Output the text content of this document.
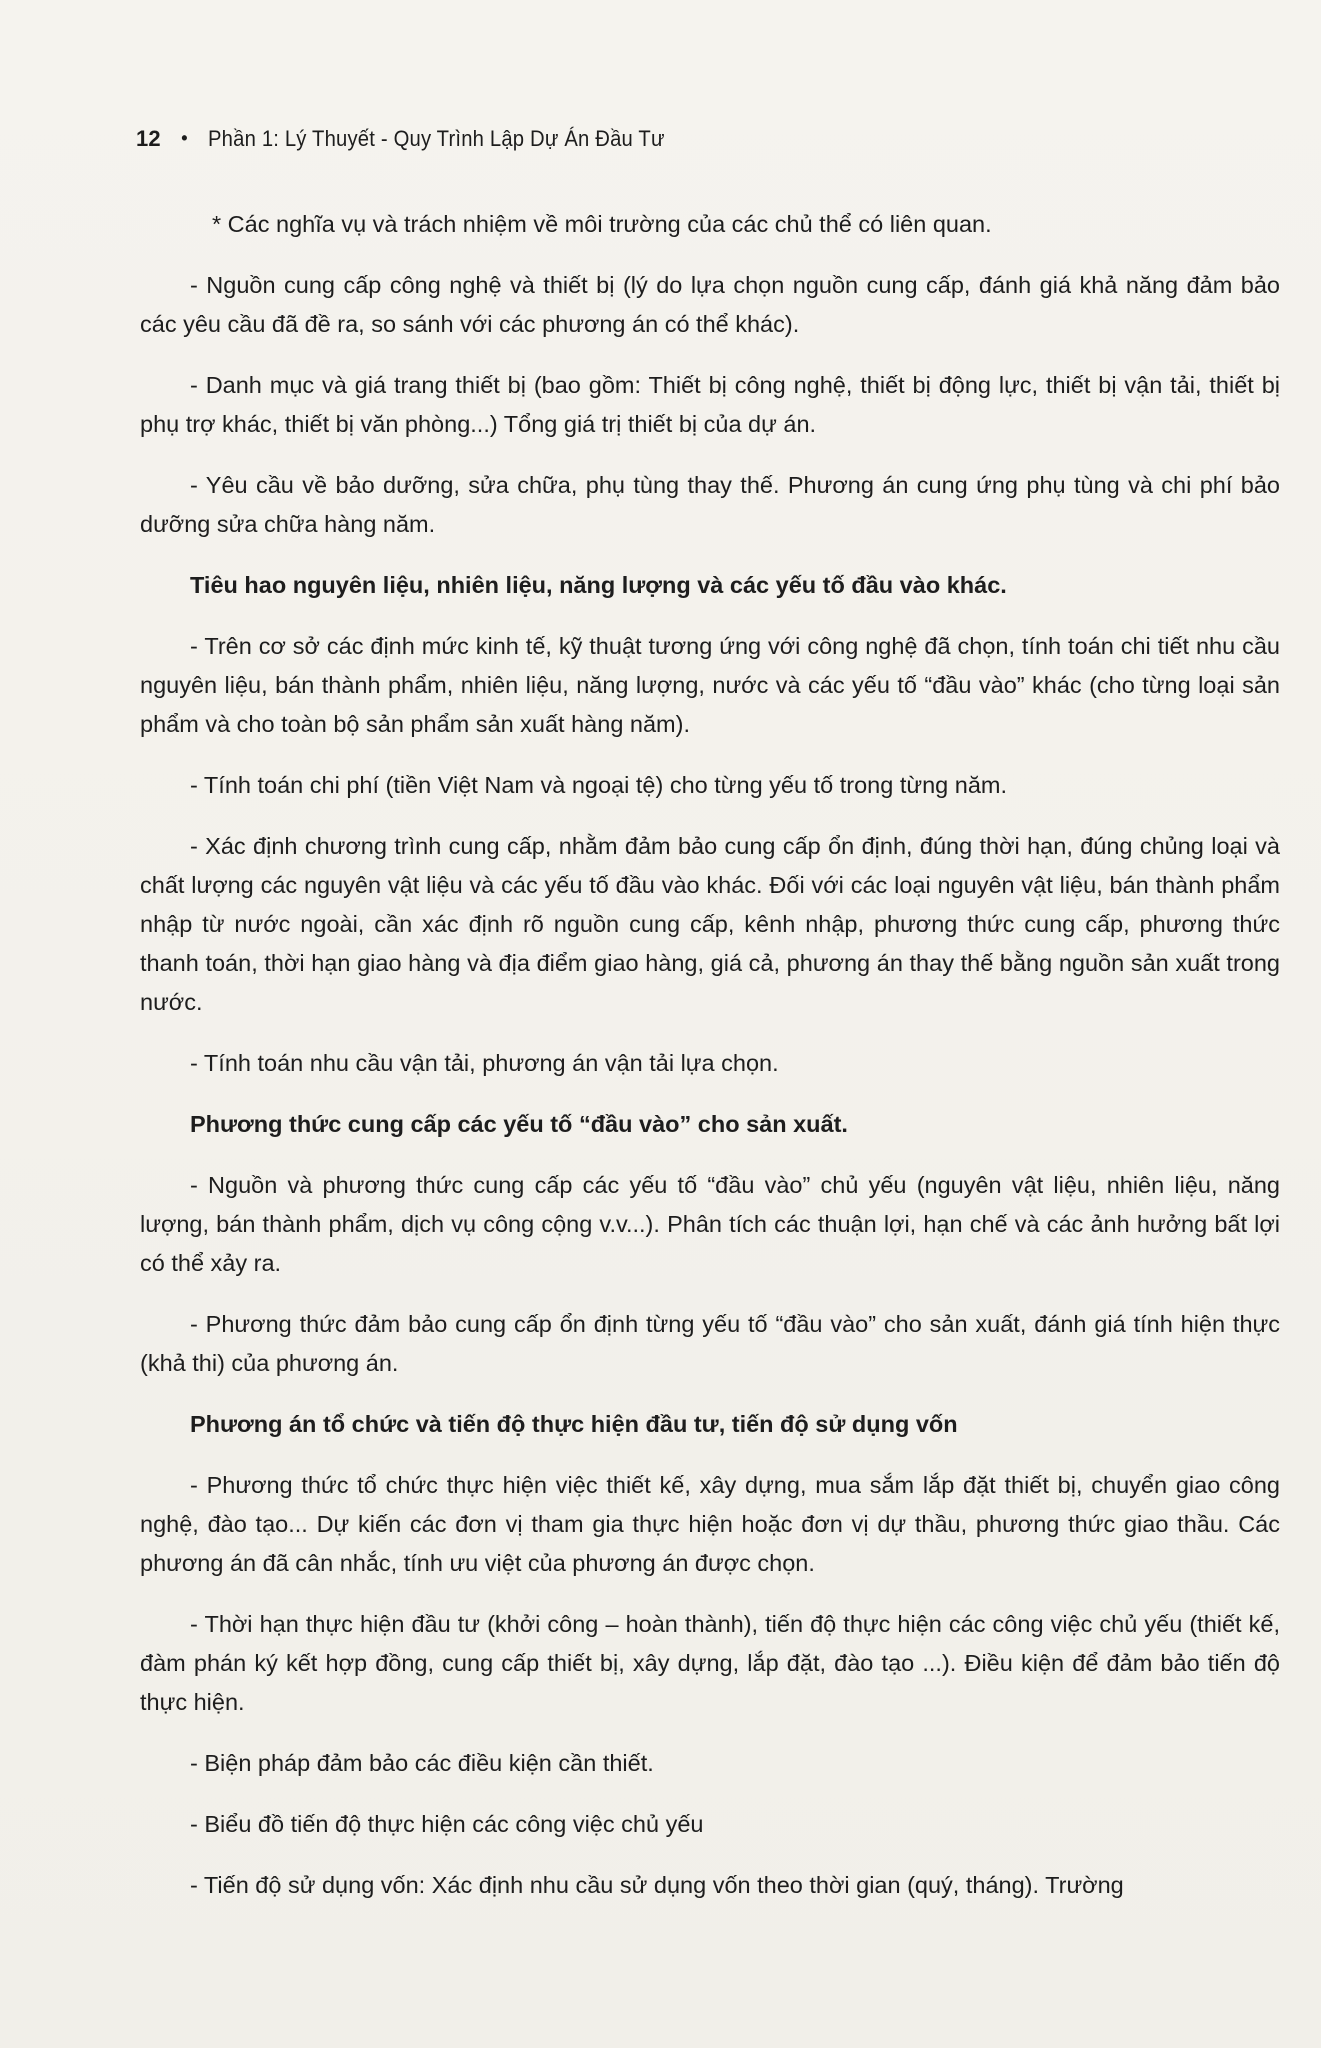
12 • Phần 1: Lý Thuyết - Quy Trình Lập Dự Án Đầu Tư

* Các nghĩa vụ và trách nhiệm về môi trường của các chủ thể có liên quan.

- Nguồn cung cấp công nghệ và thiết bị (lý do lựa chọn nguồn cung cấp, đánh giá khả năng đảm bảo các yêu cầu đã đề ra, so sánh với các phương án có thể khác).

- Danh mục và giá trang thiết bị (bao gồm: Thiết bị công nghệ, thiết bị động lực, thiết bị vận tải, thiết bị phụ trợ khác, thiết bị văn phòng...) Tổng giá trị thiết bị của dự án.

- Yêu cầu về bảo dưỡng, sửa chữa, phụ tùng thay thế. Phương án cung ứng phụ tùng và chi phí bảo dưỡng sửa chữa hàng năm.

Tiêu hao nguyên liệu, nhiên liệu, năng lượng và các yếu tố đầu vào khác.

- Trên cơ sở các định mức kinh tế, kỹ thuật tương ứng với công nghệ đã chọn, tính toán chi tiết nhu cầu nguyên liệu, bán thành phẩm, nhiên liệu, năng lượng, nước và các yếu tố “đầu vào” khác (cho từng loại sản phẩm và cho toàn bộ sản phẩm sản xuất hàng năm).

- Tính toán chi phí (tiền Việt Nam và ngoại tệ) cho từng yếu tố trong từng năm.

- Xác định chương trình cung cấp, nhằm đảm bảo cung cấp ổn định, đúng thời hạn, đúng chủng loại và chất lượng các nguyên vật liệu và các yếu tố đầu vào khác. Đối với các loại nguyên vật liệu, bán thành phẩm nhập từ nước ngoài, cần xác định rõ nguồn cung cấp, kênh nhập, phương thức cung cấp, phương thức thanh toán, thời hạn giao hàng và địa điểm giao hàng, giá cả, phương án thay thế bằng nguồn sản xuất trong nước.

- Tính toán nhu cầu vận tải, phương án vận tải lựa chọn.

Phương thức cung cấp các yếu tố “đầu vào” cho sản xuất.

- Nguồn và phương thức cung cấp các yếu tố “đầu vào” chủ yếu (nguyên vật liệu, nhiên liệu, năng lượng, bán thành phẩm, dịch vụ công cộng v.v...). Phân tích các thuận lợi, hạn chế và các ảnh hưởng bất lợi có thể xảy ra.

- Phương thức đảm bảo cung cấp ổn định từng yếu tố “đầu vào” cho sản xuất, đánh giá tính hiện thực (khả thi) của phương án.

Phương án tổ chức và tiến độ thực hiện đầu tư, tiến độ sử dụng vốn

- Phương thức tổ chức thực hiện việc thiết kế, xây dựng, mua sắm lắp đặt thiết bị, chuyển giao công nghệ, đào tạo... Dự kiến các đơn vị tham gia thực hiện hoặc đơn vị dự thầu, phương thức giao thầu. Các phương án đã cân nhắc, tính ưu việt của phương án được chọn.

- Thời hạn thực hiện đầu tư (khởi công – hoàn thành), tiến độ thực hiện các công việc chủ yếu (thiết kế, đàm phán ký kết hợp đồng, cung cấp thiết bị, xây dựng, lắp đặt, đào tạo ...). Điều kiện để đảm bảo tiến độ thực hiện.

- Biện pháp đảm bảo các điều kiện cần thiết.

- Biểu đồ tiến độ thực hiện các công việc chủ yếu

- Tiến độ sử dụng vốn: Xác định nhu cầu sử dụng vốn theo thời gian (quý, tháng). Trường
